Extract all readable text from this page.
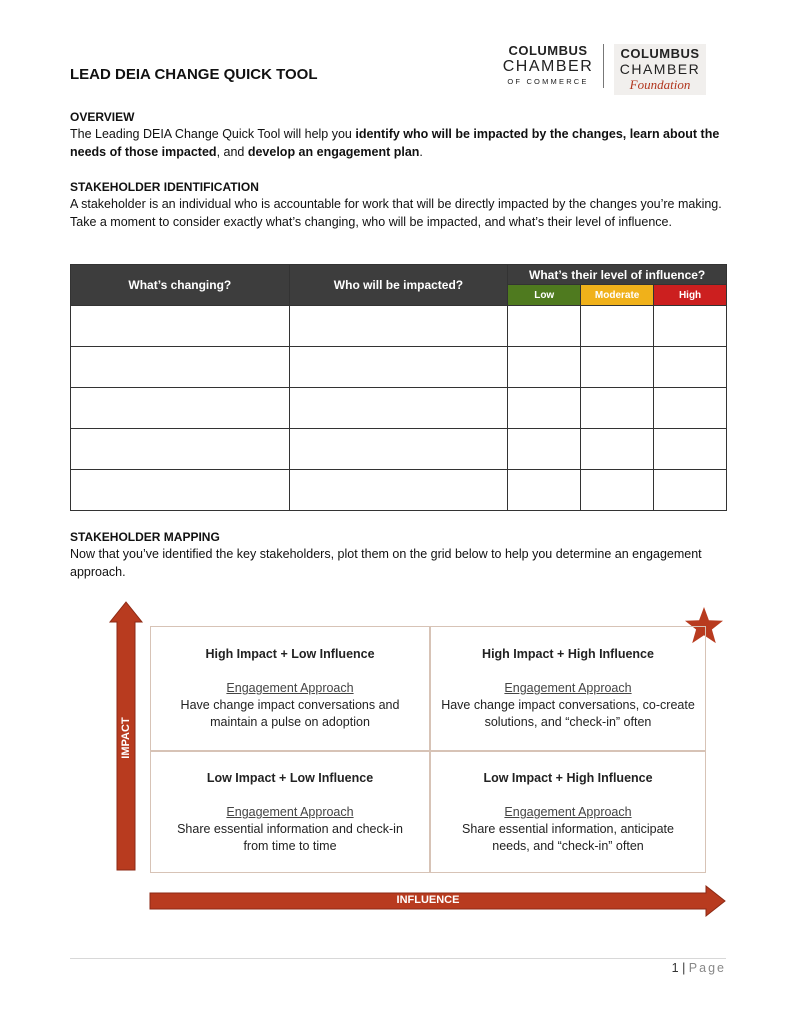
LEAD DEIA CHANGE QUICK TOOL
COLUMBUS
CHAMBER
OF COMMERCE
COLUMBUS
CHAMBER
Foundation
OVERVIEW
The Leading DEIA Change Quick Tool will help you identify who will be impacted by the changes, learn about the needs of those impacted, and develop an engagement plan.
STAKEHOLDER IDENTIFICATION
A stakeholder is an individual who is accountable for work that will be directly impacted by the changes you’re making. Take a moment to consider exactly what’s changing, who will be impacted, and what’s their level of influence.
What’s changing?	Who will be impacted?	What’s their level of influence?		
		Low	Moderate	High

STAKEHOLDER MAPPING
Now that you’ve identified the key stakeholders, plot them on the grid below to help you determine an engagement approach.
IMPACT
INFLUENCE
High Impact + Low Influence
Engagement Approach
Have change impact conversations and maintain a pulse on adoption
High Impact + High Influence
Engagement Approach
Have change impact conversations, co-create solutions, and “check-in” often
Low Impact + Low Influence
Engagement Approach
Share essential information and check-in from time to time
Low Impact + High Influence
Engagement Approach
Share essential information, anticipate needs, and “check-in” often
1 | Page
